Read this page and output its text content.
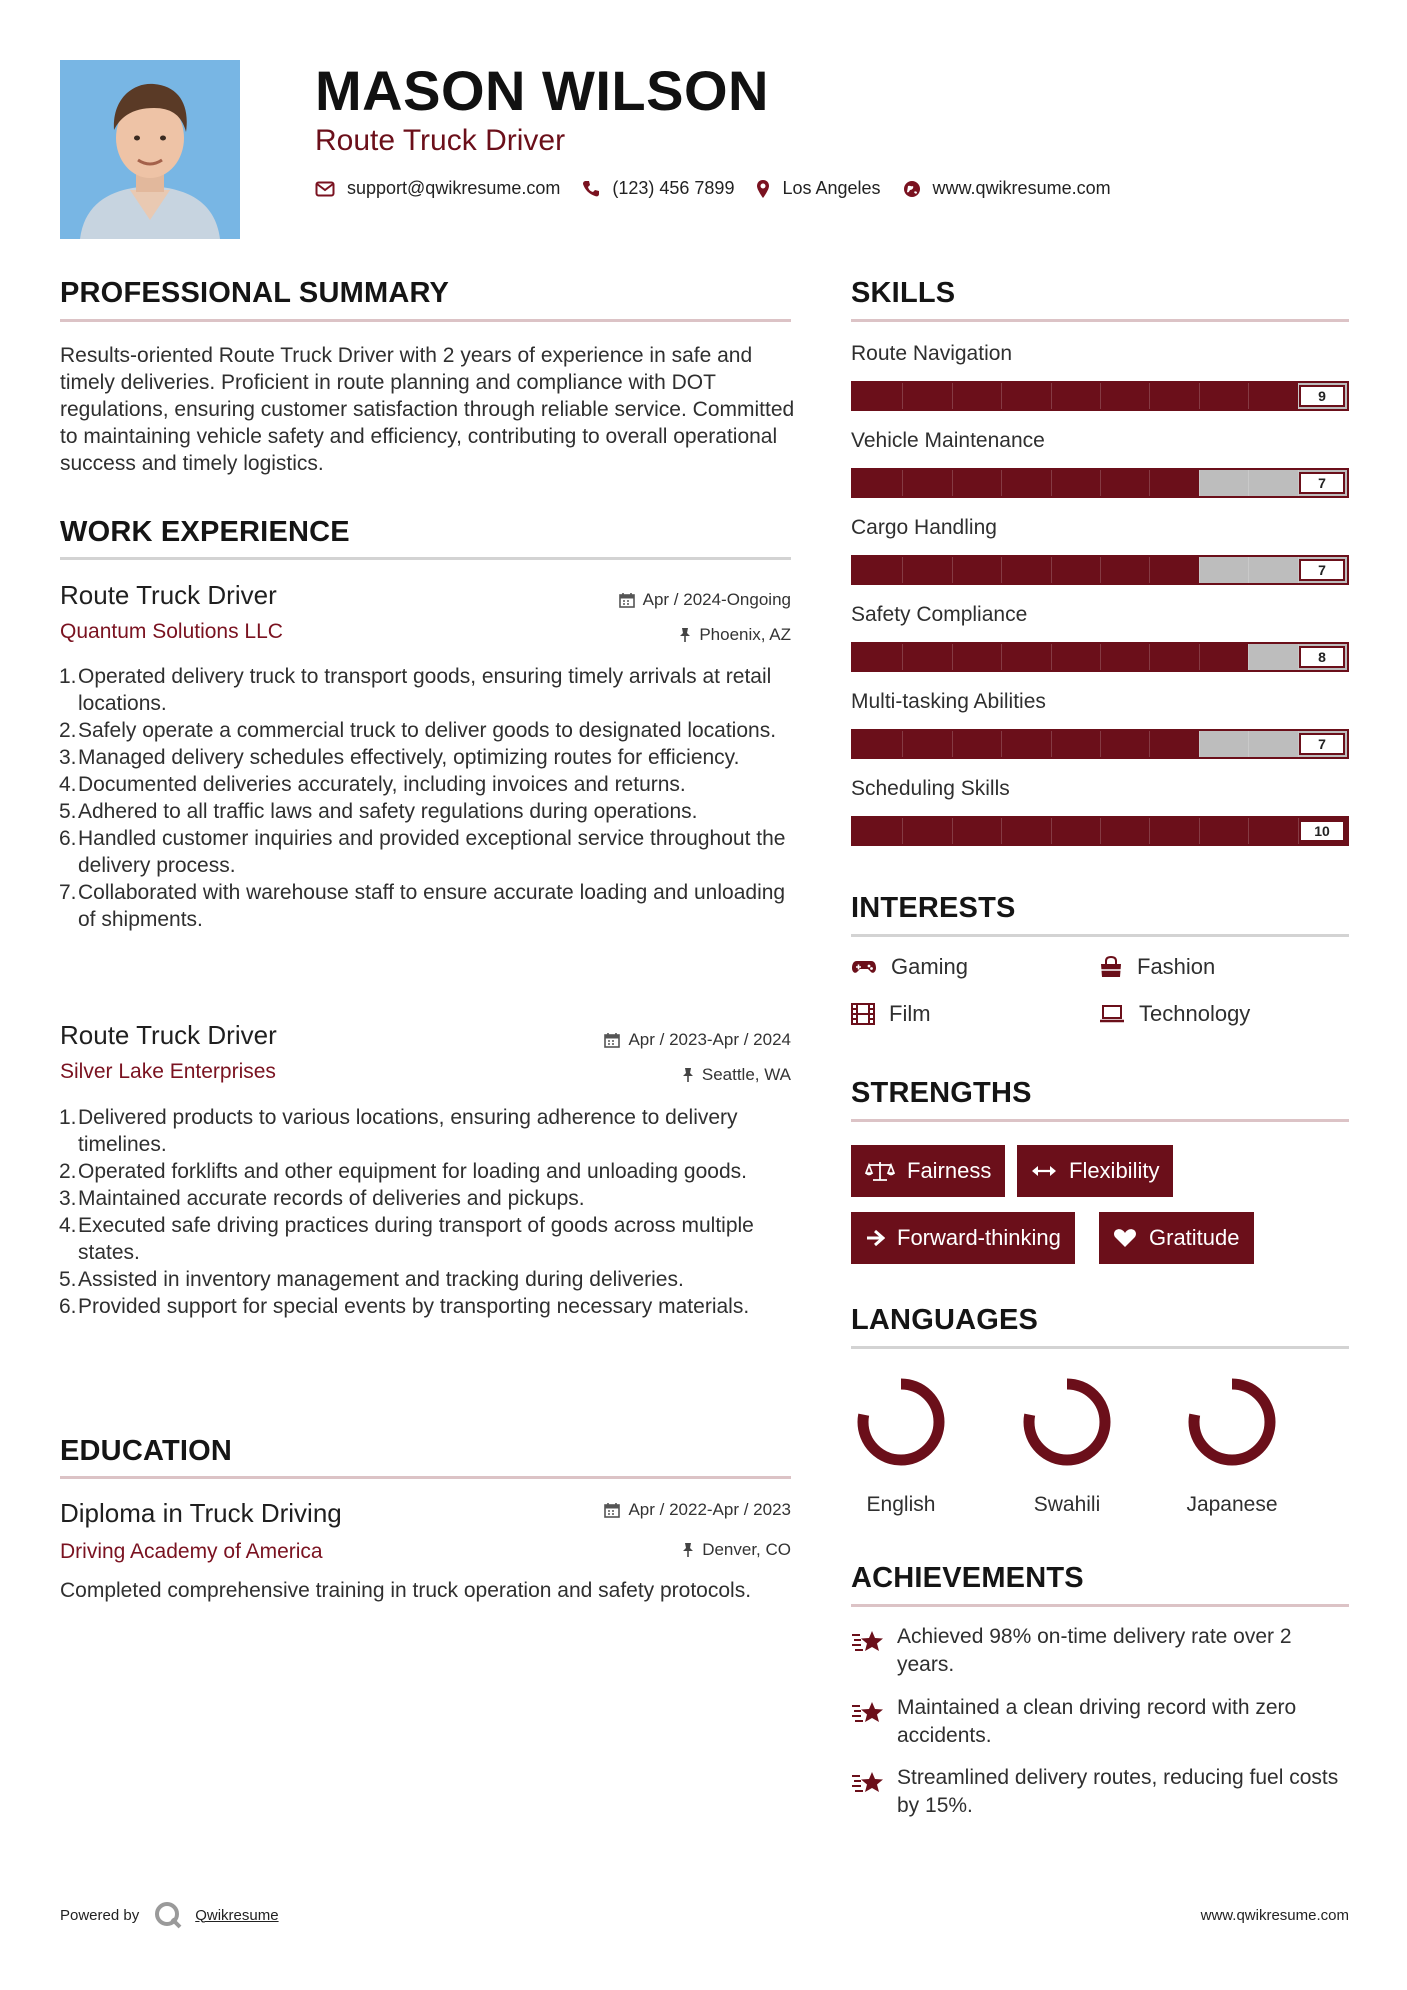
MASON WILSON
Route Truck Driver
support@qwikresume.com	(123) 456 7899	Los Angeles	www.qwikresume.com
PROFESSIONAL SUMMARY
Results-oriented Route Truck Driver with 2 years of experience in safe and timely deliveries. Proficient in route planning and compliance with DOT regulations, ensuring customer satisfaction through reliable service. Committed to maintaining vehicle safety and efficiency, contributing to overall operational success and timely logistics.
WORK EXPERIENCE
Route Truck Driver
Quantum Solutions LLC
Apr / 2024-Ongoing
Phoenix, AZ
1. Operated delivery truck to transport goods, ensuring timely arrivals at retail locations.
2. Safely operate a commercial truck to deliver goods to designated locations.
3. Managed delivery schedules effectively, optimizing routes for efficiency.
4. Documented deliveries accurately, including invoices and returns.
5. Adhered to all traffic laws and safety regulations during operations.
6. Handled customer inquiries and provided exceptional service throughout the delivery process.
7. Collaborated with warehouse staff to ensure accurate loading and unloading of shipments.
Route Truck Driver
Silver Lake Enterprises
Apr / 2023-Apr / 2024
Seattle, WA
1. Delivered products to various locations, ensuring adherence to delivery timelines.
2. Operated forklifts and other equipment for loading and unloading goods.
3. Maintained accurate records of deliveries and pickups.
4. Executed safe driving practices during transport of goods across multiple states.
5. Assisted in inventory management and tracking during deliveries.
6. Provided support for special events by transporting necessary materials.
EDUCATION
Diploma in Truck Driving
Driving Academy of America
Apr / 2022-Apr / 2023
Denver, CO
Completed comprehensive training in truck operation and safety protocols.
SKILLS
Route Navigation
9
Vehicle Maintenance
7
Cargo Handling
7
Safety Compliance
8
Multi-tasking Abilities
7
Scheduling Skills
10
INTERESTS
Gaming	Fashion
Film	Technology
STRENGTHS
Fairness	Flexibility
Forward-thinking	Gratitude
LANGUAGES
English	Swahili	Japanese
ACHIEVEMENTS
Achieved 98% on-time delivery rate over 2 years.
Maintained a clean driving record with zero accidents.
Streamlined delivery routes, reducing fuel costs by 15%.
Powered by	Qwikresume	www.qwikresume.com
